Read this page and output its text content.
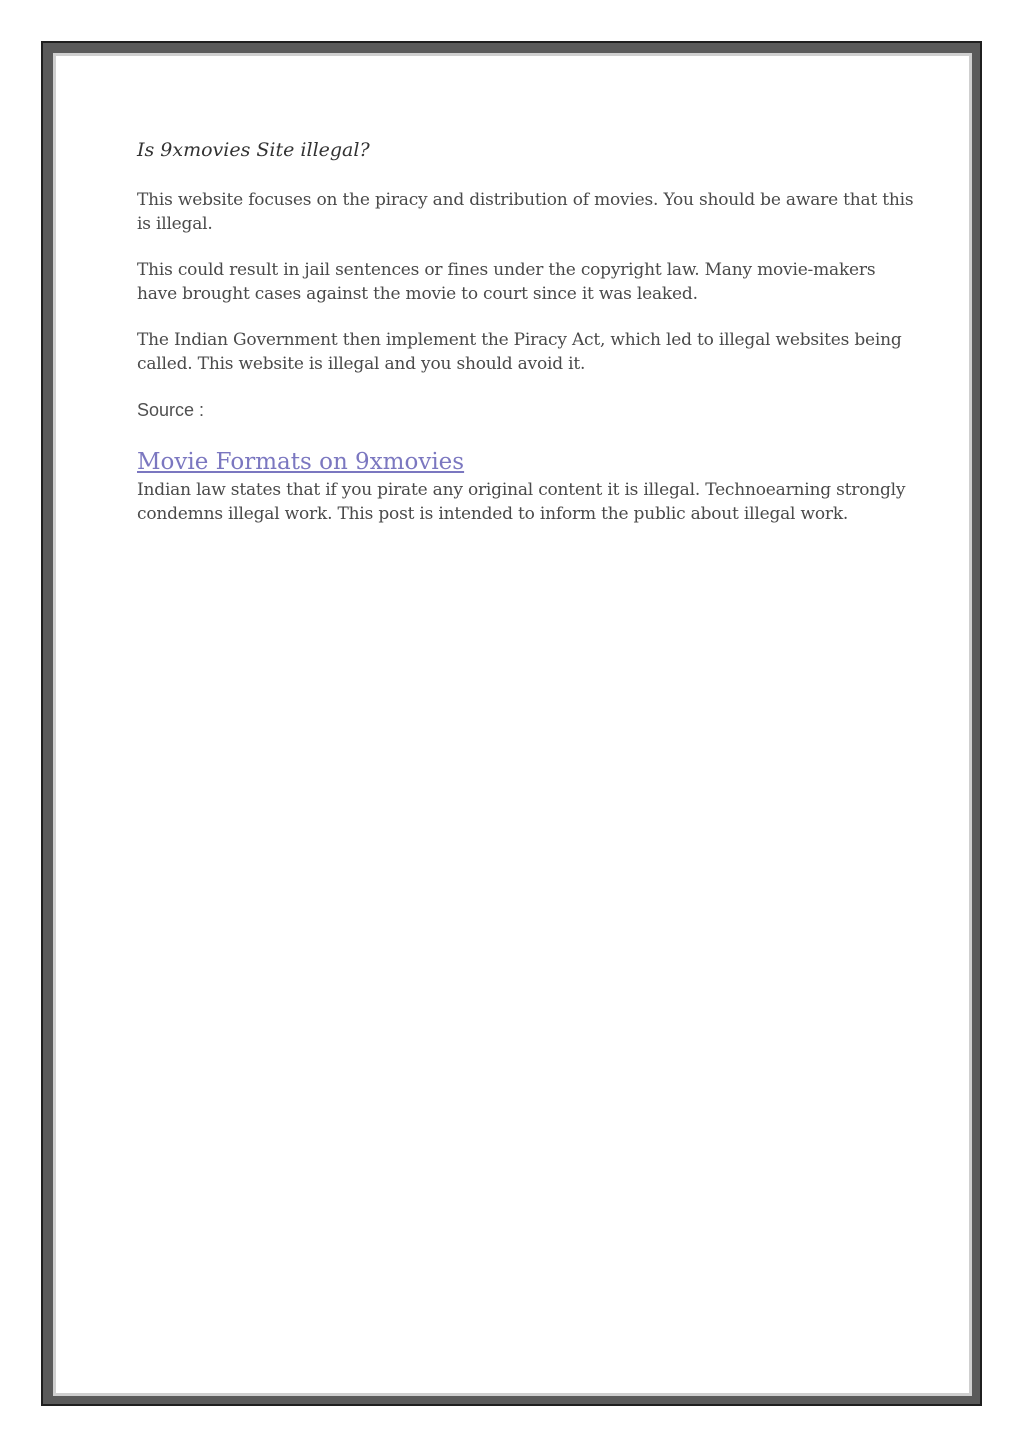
Is 9xmovies Site illegal?

This website focuses on the piracy and distribution of movies. You should be aware that this is illegal.

This could result in jail sentences or fines under the copyright law. Many movie-makers have brought cases against the movie to court since it was leaked.

The Indian Government then implement the Piracy Act, which led to illegal websites being called. This website is illegal and you should avoid it.

Source :

Movie Formats on 9xmovies

Indian law states that if you pirate any original content it is illegal. Technoearning strongly condemns illegal work. This post is intended to inform the public about illegal work.
